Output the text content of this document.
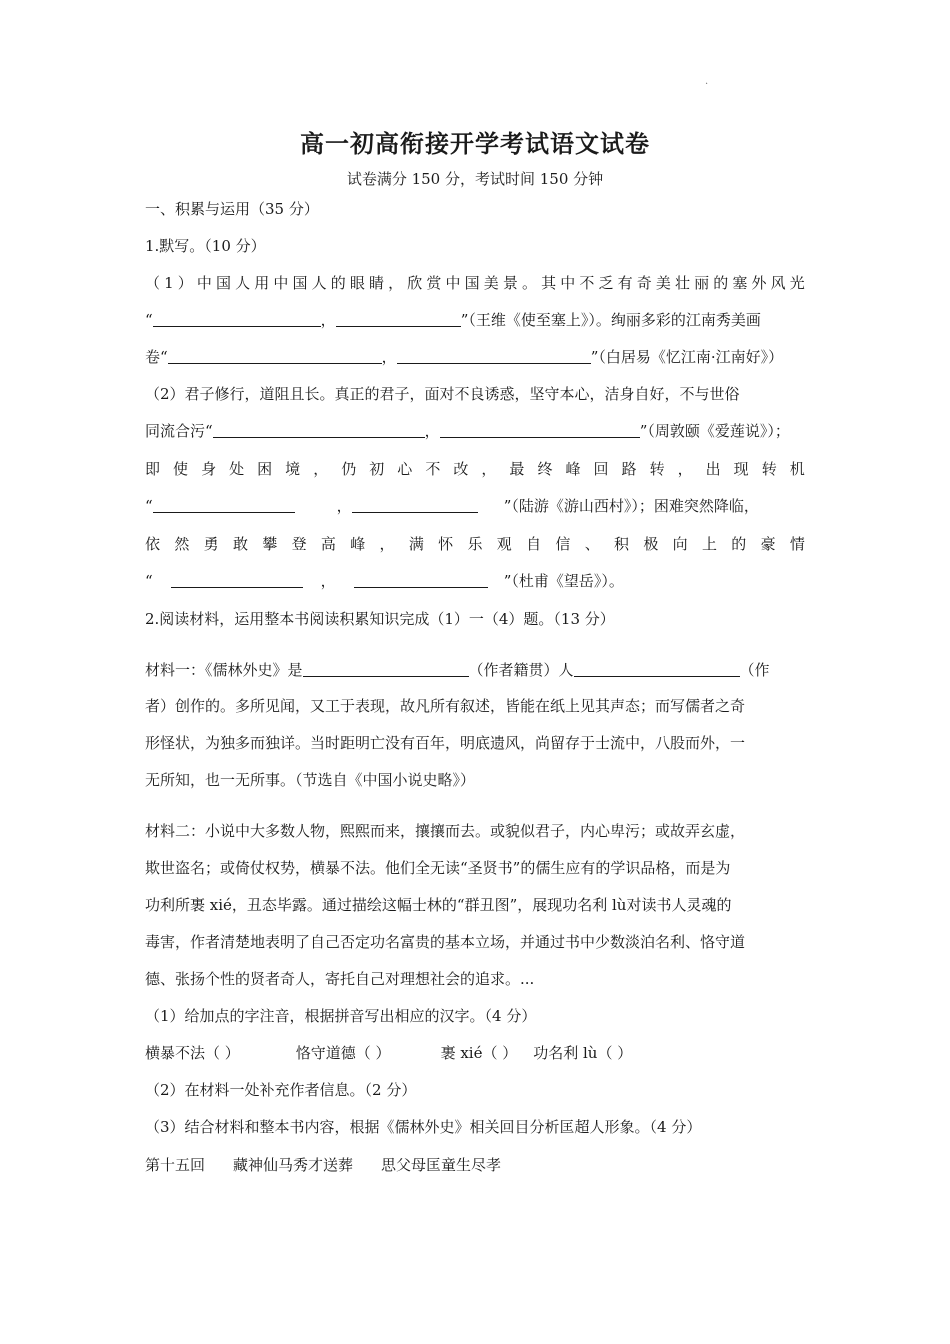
.
高一初高衔接开学考试语文试卷
试卷满分 150 分，考试时间 150 分钟
一、积累与运用（35 分）
1.默写。（10 分）
（ 1 ） 中 国 人 用 中 国 人 的 眼 睛 ， 欣 赏 中 国 美 景 。 其 中 不 乏 有 奇 美 壮 丽 的 塞 外 风 光
“	，	”（王维《使至塞上》）。绚丽多彩的江南秀美画
卷“	，	”（白居易《忆江南·江南好》）
（2）君子修行，道阻且长。真正的君子，面对不良诱惑，坚守本心，洁身自好，不与世俗
同流合污“	，	”（周敦颐《爱莲说》）；
即 使 身 处 困 境 ， 仍 初 心 不 改 ， 最 终 峰 回 路 转 ， 出 现 转 机
“	，	”（陆游《游山西村》）；困难突然降临，
依 然 勇 敢 攀 登 高 峰 ， 满 怀 乐 观 自 信 、 积 极 向 上 的 豪 情
“	，	”（杜甫《望岳》）。
2.阅读材料，运用整本书阅读积累知识完成（1）一（4）题。（13 分）
材料一：《儒林外史》是	（作者籍贯）人	（作
者）创作的。多所见闻，又工于表现，故凡所有叙述，皆能在纸上见其声态；而写儒者之奇
形怪状，为独多而独详。当时距明亡没有百年，明底遗风，尚留存于士流中，八股而外，一
无所知，也一无所事。（节选自《中国小说史略》）
材料二：小说中大多数人物，熙熙而来，攘攘而去。或貌似君子，内心卑污；或故弄玄虚，
欺世盗名；或倚仗权势，横暴不法。他们全无读“圣贤书”的儒生应有的学识品格，而是为
功利所裹 xié，丑态毕露。通过描绘这幅士林的“群丑图”，展现功名利 lù对读书人灵魂的
毒害，作者清楚地表明了自己否定功名富贵的基本立场，并通过书中少数淡泊名利、恪守道
德、张扬个性的贤者奇人，寄托自己对理想社会的追求。...
（1）给加点的字注音，根据拼音写出相应的汉字。（4 分）
横暴不法（ ）	恪守道德（ ）	裹 xié（ ） 功名利 lù（ ）
（2）在材料一处补充作者信息。（2 分）
（3）结合材料和整本书内容，根据《儒林外史》相关回目分析匡超人形象。（4 分）
第十五回 藏神仙马秀才送葬 思父母匡童生尽孝
